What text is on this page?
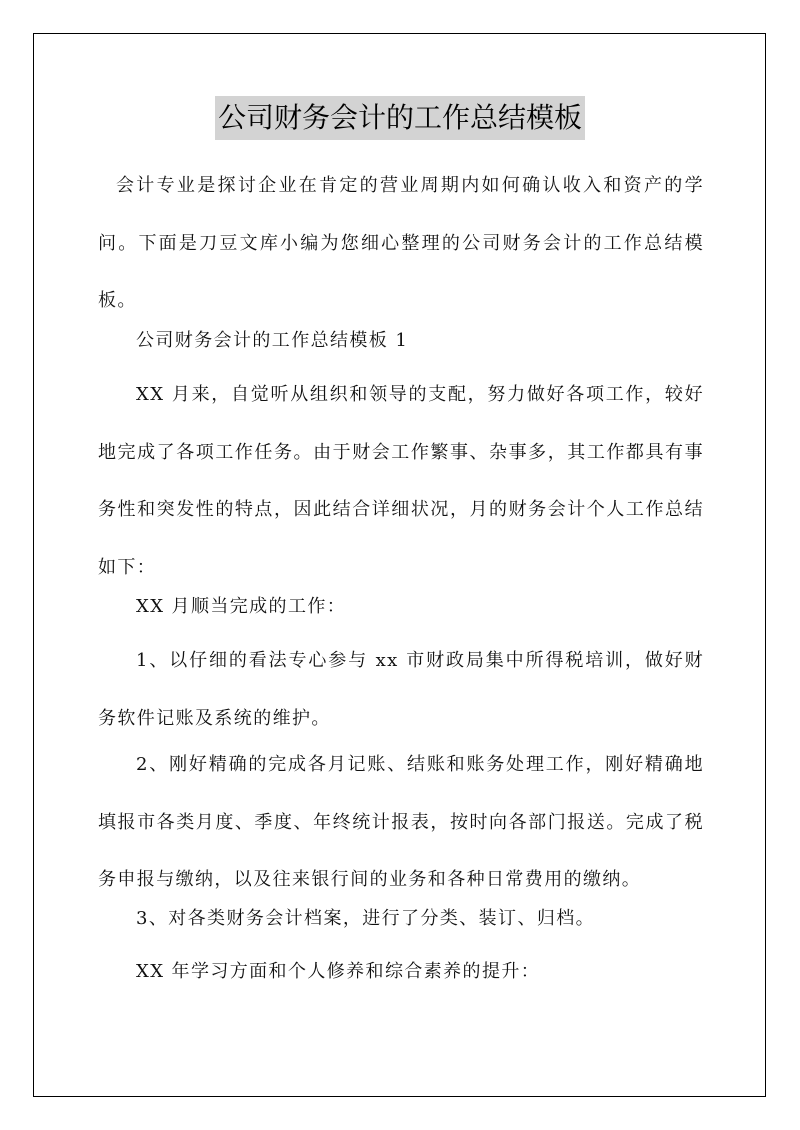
公司财务会计的工作总结模板

会计专业是探讨企业在肯定的营业周期内如何确认收入和资产的学问。下面是刀豆文库小编为您细心整理的公司财务会计的工作总结模板。

公司财务会计的工作总结模板 1

XX 月来，自觉听从组织和领导的支配，努力做好各项工作，较好地完成了各项工作任务。由于财会工作繁事、杂事多，其工作都具有事务性和突发性的特点，因此结合详细状况，月的财务会计个人工作总结如下：

XX 月顺当完成的工作：

1、以仔细的看法专心参与 xx 市财政局集中所得税培训，做好财务软件记账及系统的维护。

2、刚好精确的完成各月记账、结账和账务处理工作，刚好精确地填报市各类月度、季度、年终统计报表，按时向各部门报送。完成了税务申报与缴纳，以及往来银行间的业务和各种日常费用的缴纳。

3、对各类财务会计档案，进行了分类、装订、归档。

XX 年学习方面和个人修养和综合素养的提升：
